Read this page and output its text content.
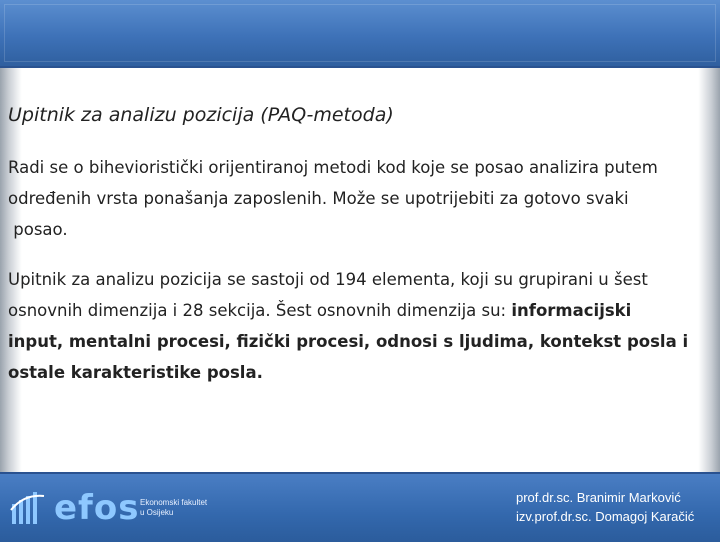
Upitnik za analizu pozicija (PAQ-metoda)
Radi se o bihevioristički orijentiranoj metodi kod koje se posao analizira putem
određenih vrsta ponašanja zaposlenih. Može se upotrijebiti za gotovo svaki
posao.
Upitnik za analizu pozicija se sastoji od 194 elementa, koji su grupirani u šest
osnovnih dimenzija i 28 sekcija. Šest osnovnih dimenzija su: informacijski
input, mentalni procesi, fizički procesi, odnosi s ljudima, kontekst posla i
ostale karakteristike posla.
efos Ekonomski fakultet
u Osijeku
prof.dr.sc. Branimir Marković
izv.prof.dr.sc. Domagoj Karačić
